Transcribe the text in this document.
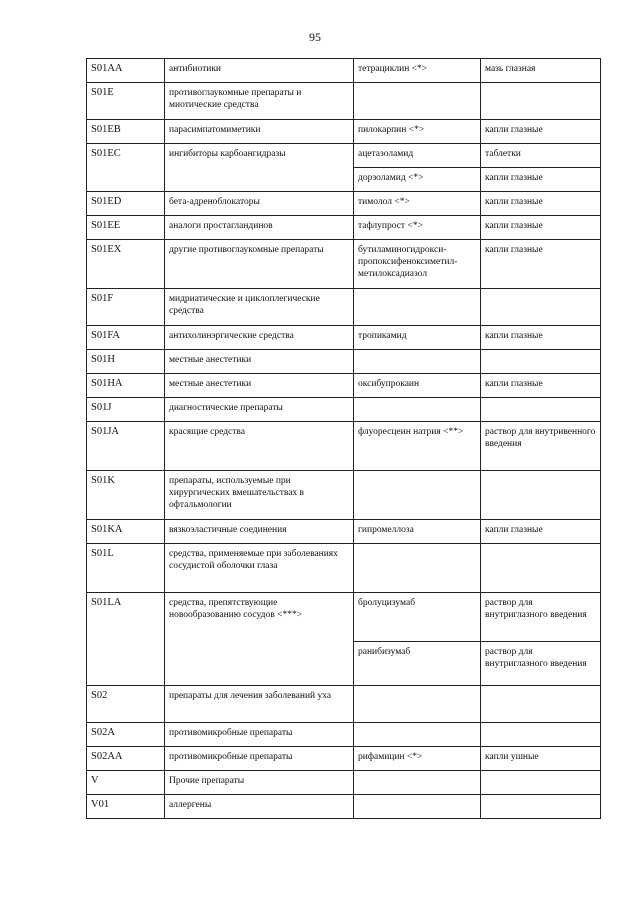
95
S01AA	антибиотики	тетрациклин <*>	мазь глазная
S01E	противоглаукомные препараты и миотические средства		
S01EB	парасимпатомиметики	пилокарпин <*>	капли глазные
S01EC	ингибиторы карбоангидразы	ацетазоламид	таблетки
		дорзоламид <*>	капли глазные
S01ED	бета-адреноблокаторы	тимолол <*>	капли глазные
S01EE	аналоги простагландинов	тафлупрост <*>	капли глазные
S01EX	другие противоглаукомные препараты	бутиламиногидрокси-пропоксифеноксиметил-метилоксадиазол	капли глазные
S01F	мидриатические и циклоплегические средства		
S01FA	антихолинэргические средства	тропикамид	капли глазные
S01H	местные анестетики		
S01HA	местные анестетики	оксибупрокаин	капли глазные
S01J	диагностические препараты		
S01JA	красящие средства	флуоресцеин натрия <**>	раствор для внутривенного введения
S01K	препараты, используемые при хирургических вмешательствах в офтальмологии		
S01KA	вязкоэластичные соединения	гипромеллоза	капли глазные
S01L	средства, применяемые при заболеваниях сосудистой оболочки глаза		
S01LA	средства, препятствующие новообразованию сосудов <***>	бролуцизумаб	раствор для внутриглазного введения
		ранибизумаб	раствор для внутриглазного введения
S02	препараты для лечения заболеваний уха		
S02A	противомикробные препараты		
S02AA	противомикробные препараты	рифамицин <*>	капли ушные
V	Прочие препараты		
V01	аллергены		
